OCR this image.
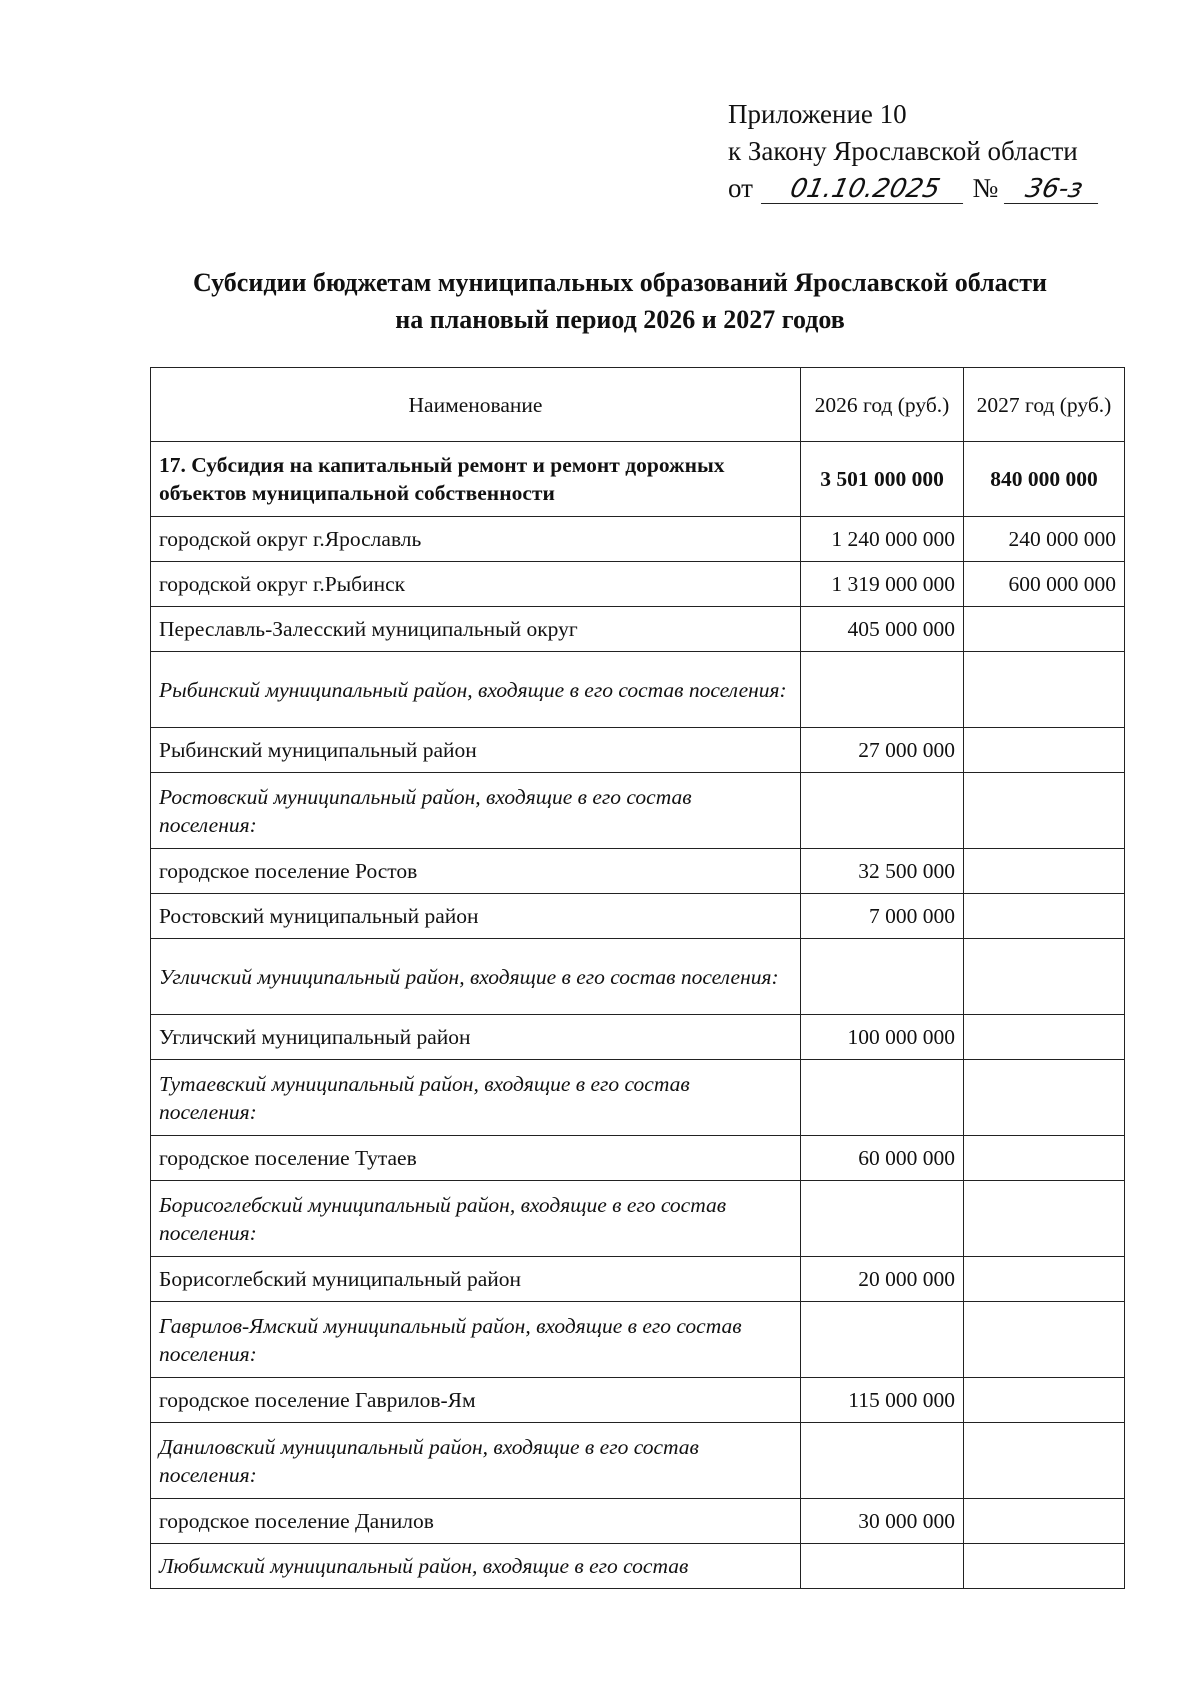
Приложение 10
к Закону Ярославской области
от 01.10.2025 № 36-з
Субсидии бюджетам муниципальных образований Ярославской области
на плановый период 2026 и 2027 годов
Наименование	2026 год (руб.)	2027 год (руб.)
17. Субсидия на капитальный ремонт и ремонт дорожных объектов муниципальной собственности	3 501 000 000	840 000 000
городской округ г.Ярославль	1 240 000 000	240 000 000
городской округ г.Рыбинск	1 319 000 000	600 000 000
Переславль-Залесский муниципальный округ	405 000 000	
Рыбинский муниципальный район, входящие в его состав поселения:		
Рыбинский муниципальный район	27 000 000	
Ростовский муниципальный район, входящие в его состав поселения:		
городское поселение Ростов	32 500 000	
Ростовский муниципальный район	7 000 000	
Угличский муниципальный район, входящие в его состав поселения:		
Угличский муниципальный район	100 000 000	
Тутаевский муниципальный район, входящие в его состав поселения:		
городское поселение Тутаев	60 000 000	
Борисоглебский муниципальный район, входящие в его состав поселения:		
Борисоглебский муниципальный район	20 000 000	
Гаврилов-Ямский муниципальный район, входящие в его состав поселения:		
городское поселение Гаврилов-Ям	115 000 000	
Даниловский муниципальный район, входящие в его состав поселения:		
городское поселение Данилов	30 000 000	
Любимский муниципальный район, входящие в его состав		
